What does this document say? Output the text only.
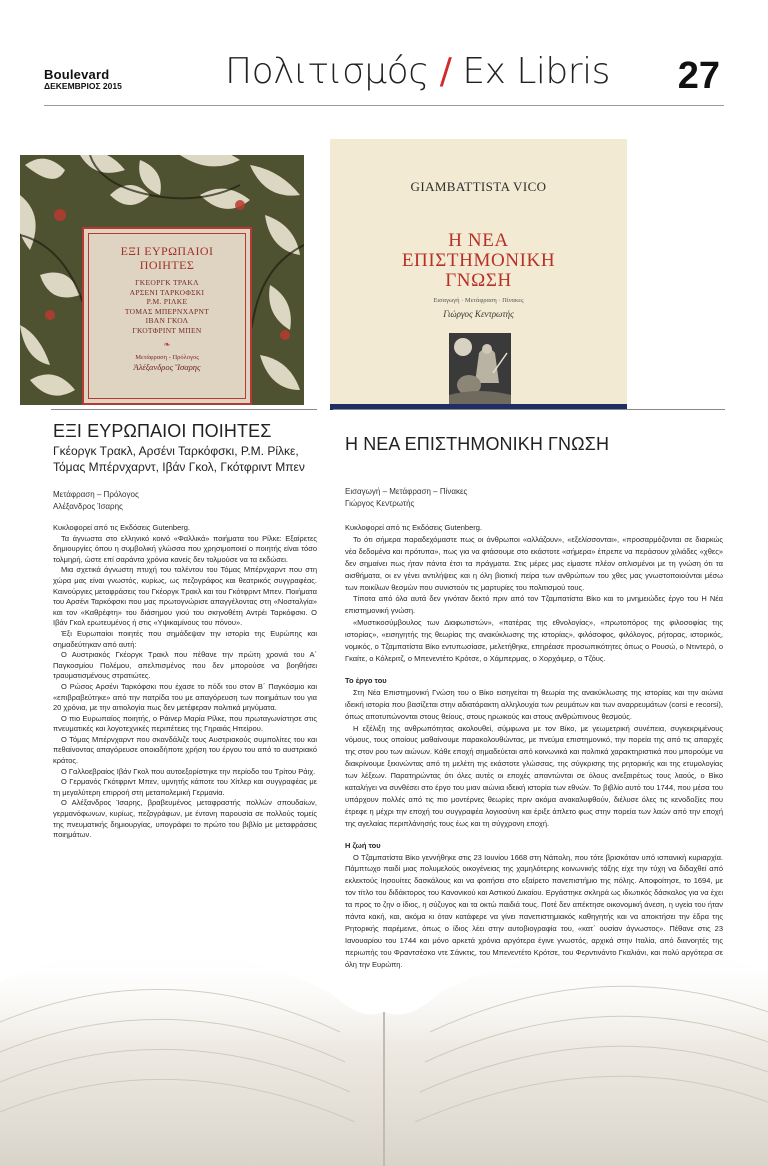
Boulevard
ΔΕΚΕΜΒΡΙΟΣ 2015	Πολιτισμός / Ex Libris 27
ΕΞΙ ΕΥΡΩΠΑΙΟΙ
ΠΟΙΗΤΕΣ
ΓΚΕΟΡΓΚ ΤΡΑΚΛ
ΑΡΣΕΝΙ ΤΑΡΚΟΦΣΚΙ
Ρ.Μ. ΡΙΛΚΕ
ΤΟΜΑΣ ΜΠΕΡΝΧΑΡΝΤ
ΙΒΑΝ ΓΚΟΛ
ΓΚΟΤΦΡΙΝΤ ΜΠΕΝ
❧
Μετάφραση - Πρόλογος
Ἀλέξανδρος Ἴσαρης
GIAMBATTISTA VICO
Η ΝΕΑ
ΕΠΙΣΤΗΜΟΝΙΚΗ
ΓΝΩΣΗ
Εισαγωγή · Μετάφραση · Πίνακες
Γιώργος Κεντρωτής
ΕΞΙ ΕΥΡΩΠΑΙΟΙ ΠΟΙΗΤΕΣ
Γκέοργκ Τρακλ, Αρσένι Ταρκόφσκι, Ρ.Μ. Ρίλκε, Τόμας Μπέρνχαρντ, Ιβάν Γκολ, Γκότφριντ Μπεν
Μετάφραση – Πρόλογος
Αλέξανδρος Ίσαρης

Κυκλοφορεί από τις Εκδόσεις Gutenberg.

Τα άγνωστα στο ελληνικό κοινό «Φαλλικά» ποιήματα του Ρίλκε: Εξαίρετες δημιουργίες όπου η συμβολική γλώσσα που χρησιμοποιεί ο ποιητής είναι τόσο τολμηρή, ώστε επί σαράντα χρόνια κανείς δεν τολμούσε να τα εκδώσει.

Μια σχετικά άγνωστη πτυχή του ταλέντου του Τόμας Μπέρνχαρντ που στη χώρα μας είναι γνωστός, κυρίως, ως πεζογράφος και θεατρικός συγγραφέας. Καινούργιες μεταφράσεις του Γκέοργκ Τρακλ και του Γκότφριντ Μπεν. Ποιήματα του Αρσένι Ταρκόφσκι που μας πρωτογνώρισε απαγγέλοντας στη «Νοσταλγία» και τον «Καθρέφτη» του διάσημου γιού του σκηνοθέτη Αντρέι Ταρκόφσκι. Ο Ιβάν Γκολ ερωτευμένος ή στις «Υψικαμίνους του πόνου».

Έξι Ευρωπαίοι ποιητές που σημάδεψαν την ιστορία της Ευρώπης και σημαδεύτηκαν από αυτή:

Ο Αυστριακός Γκέοργκ Τρακλ που πέθανε την πρώτη χρονιά του Α΄ Παγκοσμίου Πολέμου, απελπισμένος που δεν μπορούσε να βοηθήσει τραυματισμένους στρατιώτες.

Ο Ρώσος Αρσένι Ταρκόφσκι που έχασε το πόδι του στον Β΄ Παγκόσμιο και «επιβραβεύτηκε» από την πατρίδα του με απαγόρευση των ποιημάτων του για 20 χρόνια, με την αιτιολογία πως δεν μετέφεραν πολιτικά μηνύματα.

Ο πιο Ευρωπαίος ποιητής, ο Ράινερ Μαρία Ρίλκε, που πρωταγωνίστησε στις πνευματικές και λογοτεχνικές περιπέτειες της Γηραιάς Ηπείρου.

Ο Τόμας Μπέρνχαρντ που σκανδάλιζε τους Αυστριακούς συμπολίτες του και πεθαίνοντας απαγόρευσε οποιαδήποτε χρήση του έργου του από το αυστριακό κράτος.

Ο Γαλλοεβραίος Ιβάν Γκολ που αυτοεξορίστηκε την περίοδο του Τρίτου Ράιχ.

Ο Γερμανός Γκότφριντ Μπεν, υμνητής κάποτε του Χίτλερ και συγγραφέας με τη μεγαλύτερη επιρροή στη μεταπολεμική Γερμανία.

Ο Αλέξανδρος Ίσαρης, βραβευμένος μεταφραστής πολλών σπουδαίων, γερμανόφωνων, κυρίως, πεζογράφων, με έντονη παρουσία σε πολλούς τομείς της πνευματικής δημιουργίας, υπογράφει το πρώτο του βιβλίο με μεταφράσεις ποιημάτων.

Η ΝΕΑ ΕΠΙΣΤΗΜΟΝΙΚΗ ΓΝΩΣΗ
Εισαγωγή – Μετάφραση – Πίνακες
Γιώργος Κεντρωτής

Κυκλοφορεί από τις Εκδόσεις Gutenberg.

Το ότι σήμερα παραδεχόμαστε πως οι άνθρωποι «αλλάζουν», «εξελίσσονται», «προσαρμόζονται σε διαρκώς νέα δεδομένα και πρότυπα», πως για να φτάσουμε στο εκάστοτε «σήμερα» έπρεπε να περάσουν χιλιάδες «χθες» δεν σημαίνει πως ήταν πάντα έτσι τα πράγματα. Στις μέρες μας είμαστε πλέον οπλισμένοι με τη γνώση ότι τα αισθήματα, οι εν γένει αντιλήψεις και η όλη βιοτική πείρα των ανθρώπων του χθες μας γνωστοποιούνται μέσω των ποικίλων θεσμών που συνιστούν τις μαρτυρίες του πολιτισμού τους.

Τίποτα από όλα αυτά δεν γινόταν δεκτό πριν από τον Τζαμπατίστα Βίκο και το μνημειώδες έργο του Η Νέα επιστημονική γνώση.

«Μυστικοσύμβουλος των Διαφωτιστών», «πατέρας της εθνολογίας», «πρωτοπόρος της φιλοσοφίας της ιστορίας», «εισηγητής της θεωρίας της ανακύκλωσης της ιστορίας», φιλόσοφος, φιλόλογος, ρήτορας, ιστορικός, νομικός, ο Τζαμπατίστα Βίκο εντυπωσίασε, μελετήθηκε, επηρέασε προσωπικότητες όπως ο Ρουσώ, ο Ντιντερό, ο Γκαίτε, ο Κόλεριτζ, ο Μπενεντέτο Κρότσε, ο Χάμπερμας, ο Χορχάιμερ, ο Τζόυς.

Το έργο του

Στη Νέα Επιστημονική Γνώση του ο Βίκο εισηγείται τη θεωρία της ανακύκλωσης της ιστορίας και την αιώνια ιδεική ιστορία που βασίζεται στην αδιατάρακτη αλληλουχία των ρευμάτων και των αναρρευμάτων (corsi e recorsi), όπως αποτυπώνονται στους θείους, στους ηρωικούς και στους ανθρώπινους θεσμούς.

Η εξέλιξη της ανθρωπότητας ακολουθεί, σύμφωνα με τον Βίκο, με γεωμετρική συνέπεια, συγκεκριμένους νόμους, τους οποίους μαθαίνουμε παρακολουθώντας, με πνεύμα επιστημονικό, την πορεία της από τις απαρχές της στον ρου των αιώνων. Κάθε εποχή σημαδεύεται από κοινωνικά και πολιτικά χαρακτηριστικά που μπορούμε να διακρίνουμε ξεκινώντας από τη μελέτη της εκάστοτε γλώσσας, της σύγκρισης της ρητορικής και της ετυμολογίας των λέξεων. Παρατηρώντας ότι όλες αυτές οι εποχές απαντώνται σε όλους ανεξαιρέτως τους λαούς, ο Βίκο καταλήγει να συνθέσει στο έργο του μιαν αιώνια ιδεική ιστορία των εθνών. Το βιβλίο αυτό του 1744, που μέσα του υπάρχουν πολλές από τις πιο μοντέρνες θεωρίες πριν ακόμα ανακαλυφθούν, διέλυσε όλες τις κενοδοξίες που έτρεφε η μέχρι την εποχή του συγγραφέα λογιοσύνη και έριξε άπλετο φως στην πορεία των λαών από την εποχή της αγελαίας περιπλάνησής τους έως και τη σύγχρονη εποχή.

Η ζωή του

Ο Τζαμπατίστα Βίκο γεννήθηκε στις 23 Ιουνίου 1668 στη Νάπολη, που τότε βρισκόταν υπό ισπανική κυριαρχία. Πάμπτωχο παιδί μιας πολυμελούς οικογένειας της χαμηλότερης κοινωνικής τάξης είχε την τύχη να διδαχθεί από εκλεκτούς Ιησουίτες δασκάλους και να φοιτήσει στο εξαίρετο πανεπιστήμιο της πόλης. Αποφοίτησε, το 1694, με τον τίτλο του διδάκτορος του Κανονικού και Αστικού Δικαίου. Εργάστηκε σκληρά ως ιδιωτικός δάσκαλος για να έχει τα προς το ζην ο ίδιος, η σύζυγος και τα οκτώ παιδιά τους. Ποτέ δεν απέκτησε οικονομική άνεση, η υγεία του ήταν πάντα κακή, και, ακόμα κι όταν κατάφερε να γίνει πανεπιστημιακός καθηγητής και να αποκτήσει την έδρα της Ρητορικής παρέμεινε, όπως ο ίδιος λέει στην αυτοβιογραφία του, «κατ΄ ουσίαν άγνωστος». Πέθανε στις 23 Ιανουαρίου του 1744 και μόνο αρκετά χρόνια αργότερα έγινε γνωστός, αρχικά στην Ιταλία, από διανοητές της περιωπής του Φραντσέσκο ντε Σάνκτις, του Μπενεντέτο Κρότσε, του Φερντινάντο Γκαλιάνι, και πολύ αργότερα σε όλη την Ευρώπη.
